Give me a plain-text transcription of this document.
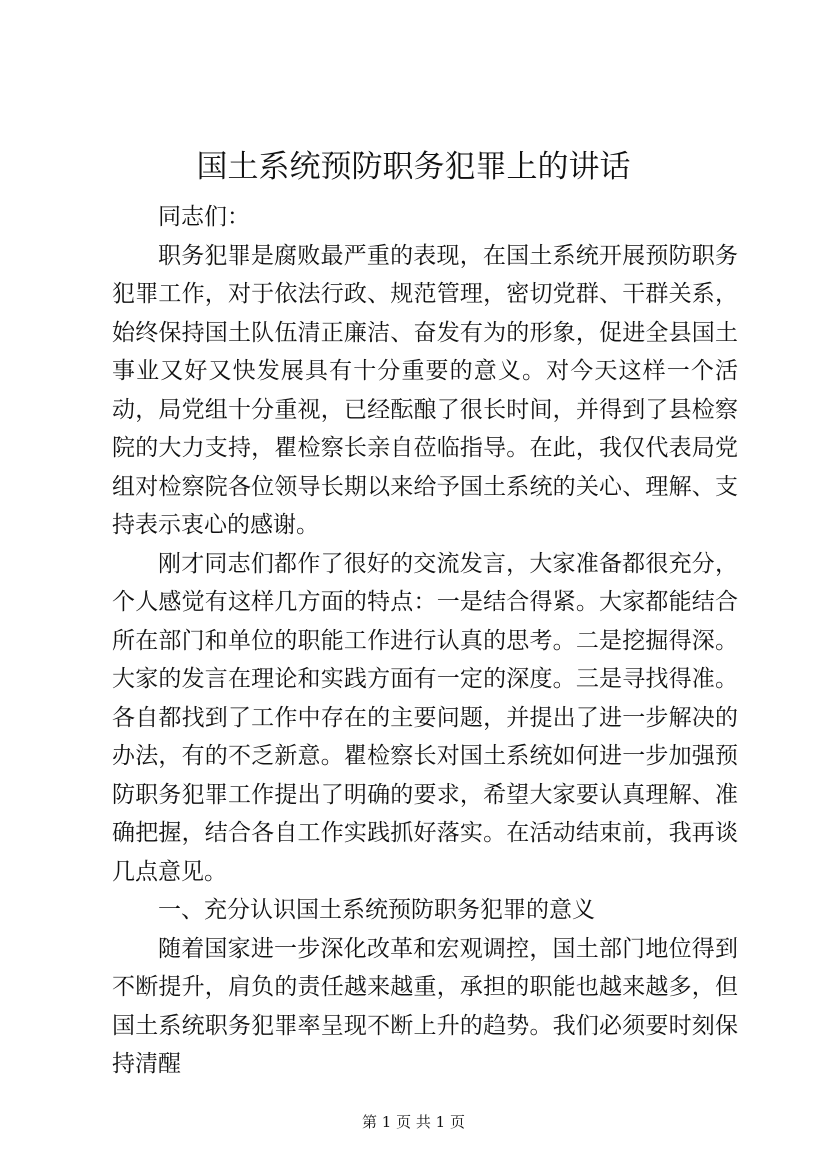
国土系统预防职务犯罪上的讲话

同志们：

职务犯罪是腐败最严重的表现，在国土系统开展预防职务犯罪工作，对于依法行政、规范管理，密切党群、干群关系，始终保持国土队伍清正廉洁、奋发有为的形象，促进全县国土事业又好又快发展具有十分重要的意义。对今天这样一个活动，局党组十分重视，已经酝酿了很长时间，并得到了县检察院的大力支持，瞿检察长亲自莅临指导。在此，我仅代表局党组对检察院各位领导长期以来给予国土系统的关心、理解、支持表示衷心的感谢。

刚才同志们都作了很好的交流发言，大家准备都很充分，个人感觉有这样几方面的特点：一是结合得紧。大家都能结合所在部门和单位的职能工作进行认真的思考。二是挖掘得深。大家的发言在理论和实践方面有一定的深度。三是寻找得准。各自都找到了工作中存在的主要问题，并提出了进一步解决的办法，有的不乏新意。瞿检察长对国土系统如何进一步加强预防职务犯罪工作提出了明确的要求，希望大家要认真理解、准确把握，结合各自工作实践抓好落实。在活动结束前，我再谈几点意见。

一、充分认识国土系统预防职务犯罪的意义

随着国家进一步深化改革和宏观调控，国土部门地位得到不断提升，肩负的责任越来越重，承担的职能也越来越多，但国土系统职务犯罪率呈现不断上升的趋势。我们必须要时刻保持清醒

第 1 页 共 1 页
